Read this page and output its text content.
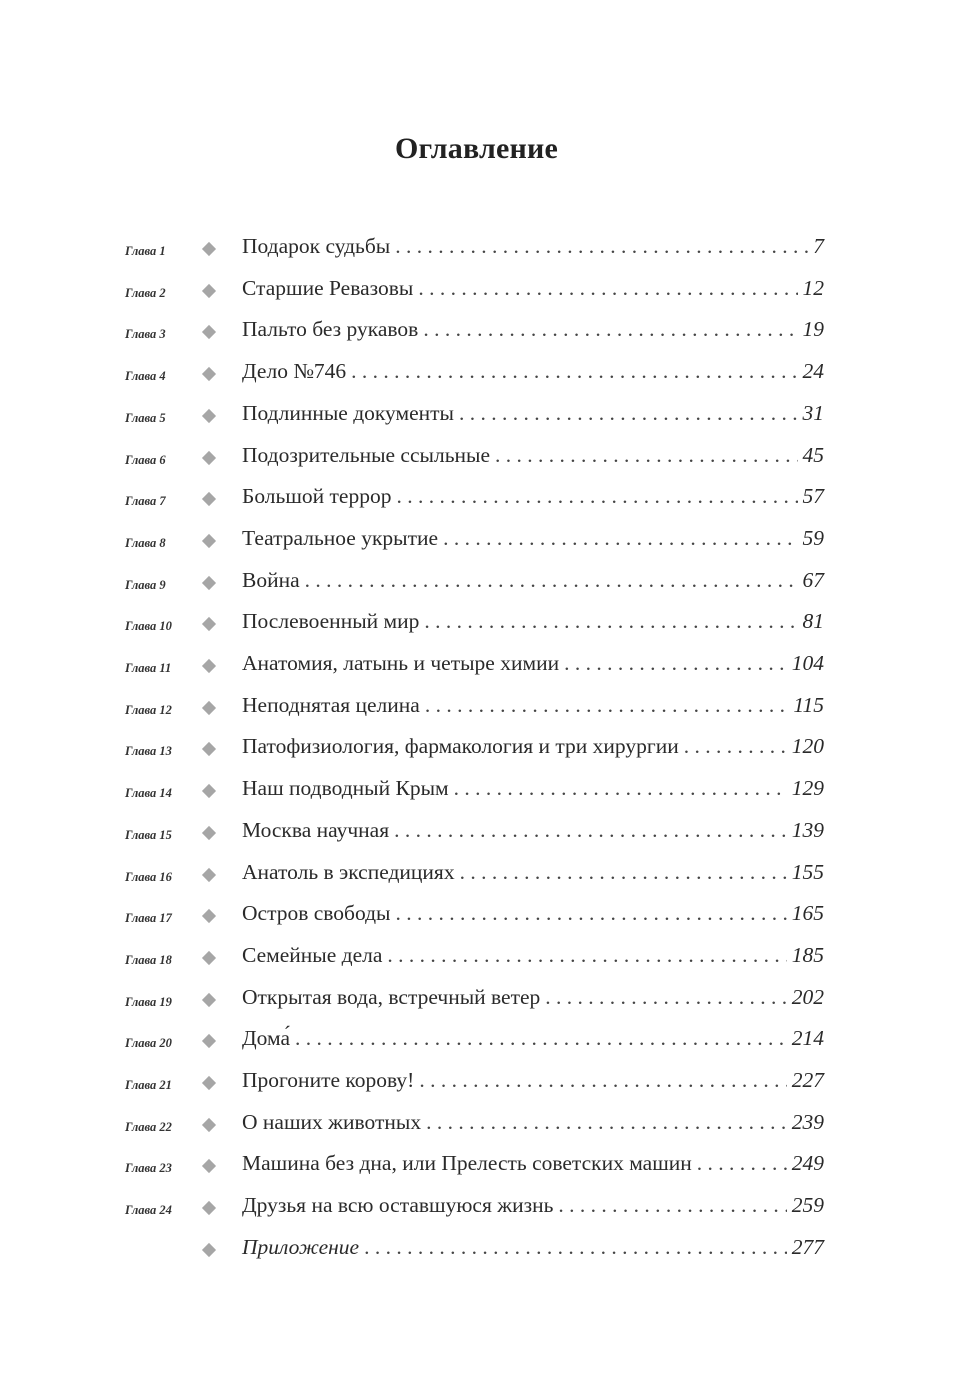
Оглавление
Глава 1	Подарок судьбы . . .	7
Глава 2	Старшие Ревазовы . . .	12
Глава 3	Пальто без рукавов . . .	19
Глава 4	Дело №746 . . .	24
Глава 5	Подлинные документы . . .	31
Глава 6	Подозрительные ссыльные . . .	45
Глава 7	Большой террор . . .	57
Глава 8	Театральное укрытие . . .	59
Глава 9	Война . . .	67
Глава 10	Послевоенный мир . . .	81
Глава 11	Анатомия, латынь и четыре химии . . .	104
Глава 12	Неподнятая целина . . .	115
Глава 13	Патофизиология, фармакология и три хирургии . . .	120
Глава 14	Наш подводный Крым . . .	129
Глава 15	Москва научная . . .	139
Глава 16	Анатоль в экспедициях . . .	155
Глава 17	Остров свободы . . .	165
Глава 18	Семейные дела . . .	185
Глава 19	Открытая вода, встречный ветер . . .	202
Глава 20	Дома́ . . .	214
Глава 21	Прогоните корову! . . .	227
Глава 22	О наших животных . . .	239
Глава 23	Машина без дна, или Прелесть советских машин . . .	249
Глава 24	Друзья на всю оставшуюся жизнь . . .	259
Приложение . . .	277
